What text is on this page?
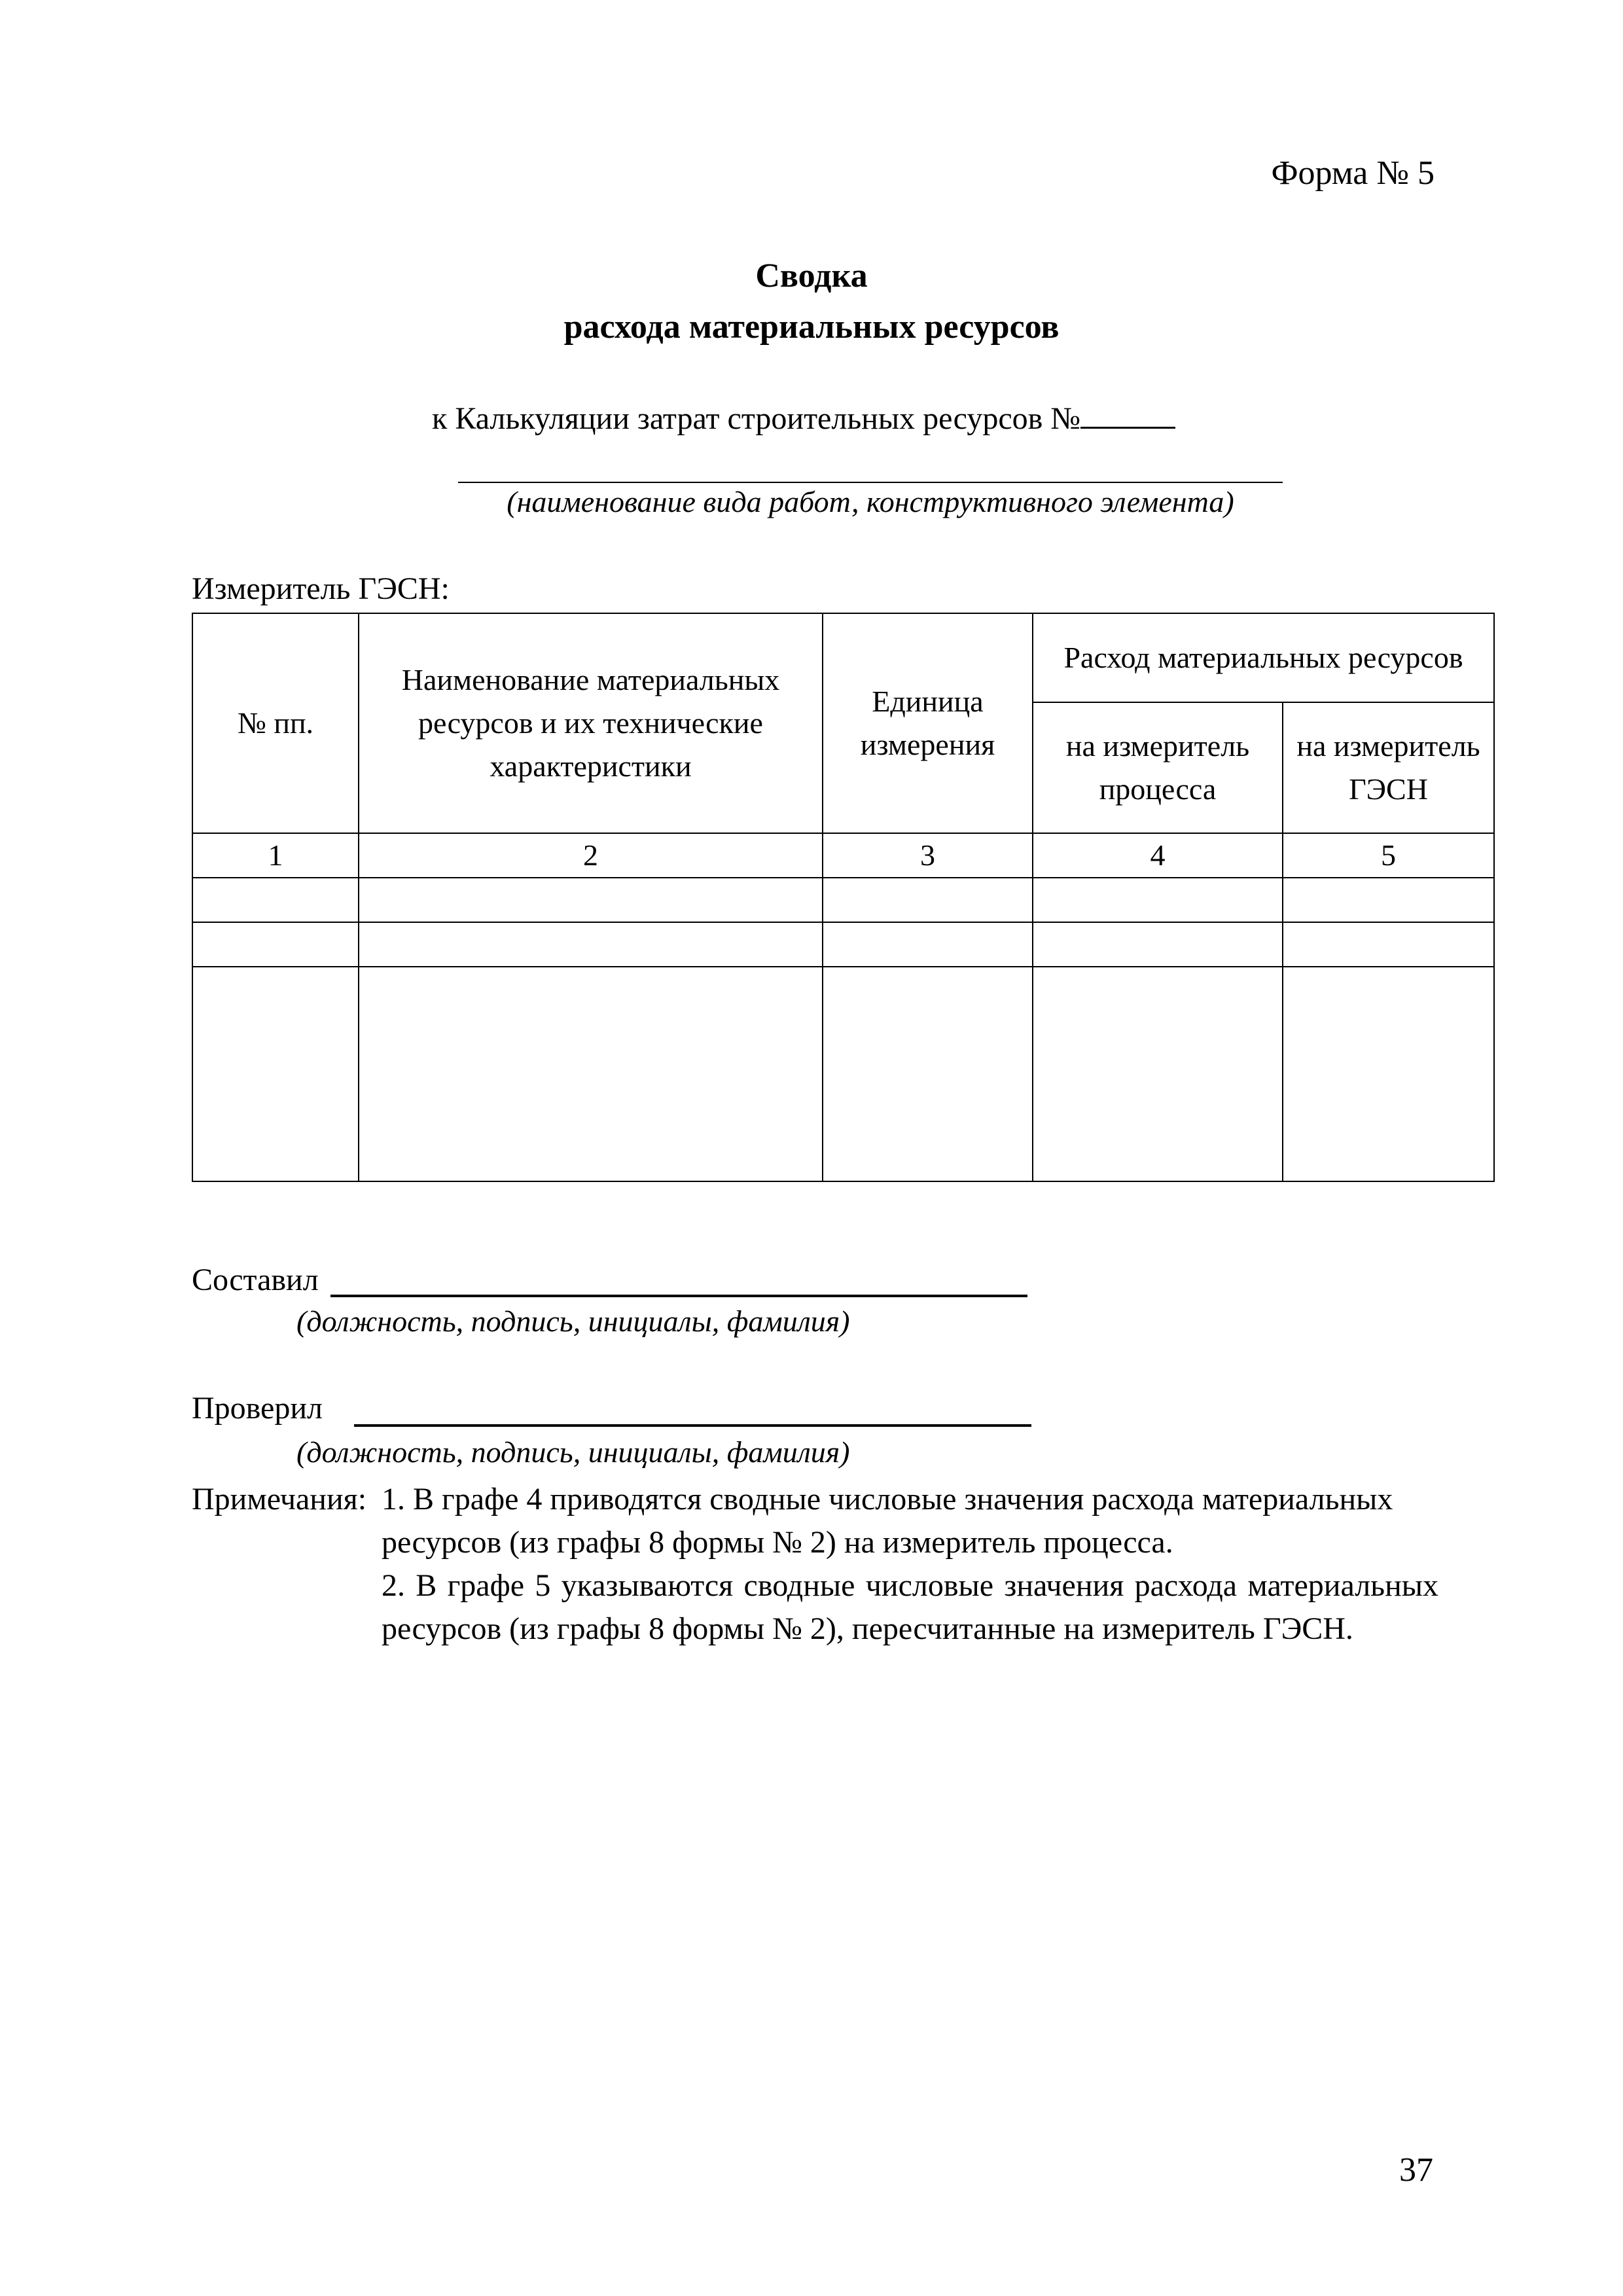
Форма № 5
Сводка
расхода материальных ресурсов
к Калькуляции затрат строительных ресурсов №
(наименование вида работ, конструктивного элемента)
Измеритель ГЭСН:
№ пп.	Наименование материальных ресурсов и их технические характеристики	Единица измерения	Расход материальных ресурсов	
			на измеритель процесса	на измеритель ГЭСН
1	2	3	4	5

Составил
(должность, подпись, инициалы, фамилия)
Проверил
(должность, подпись, инициалы, фамилия)
Примечания: 1. В графе 4 приводятся сводные числовые значения расхода материальных
ресурсов (из графы 8 формы № 2) на измеритель процесса.
2. В графе 5 указываются сводные числовые значения расхода материальных ресурсов (из графы 8 формы № 2), пересчитанные на измеритель ГЭСН.
37
